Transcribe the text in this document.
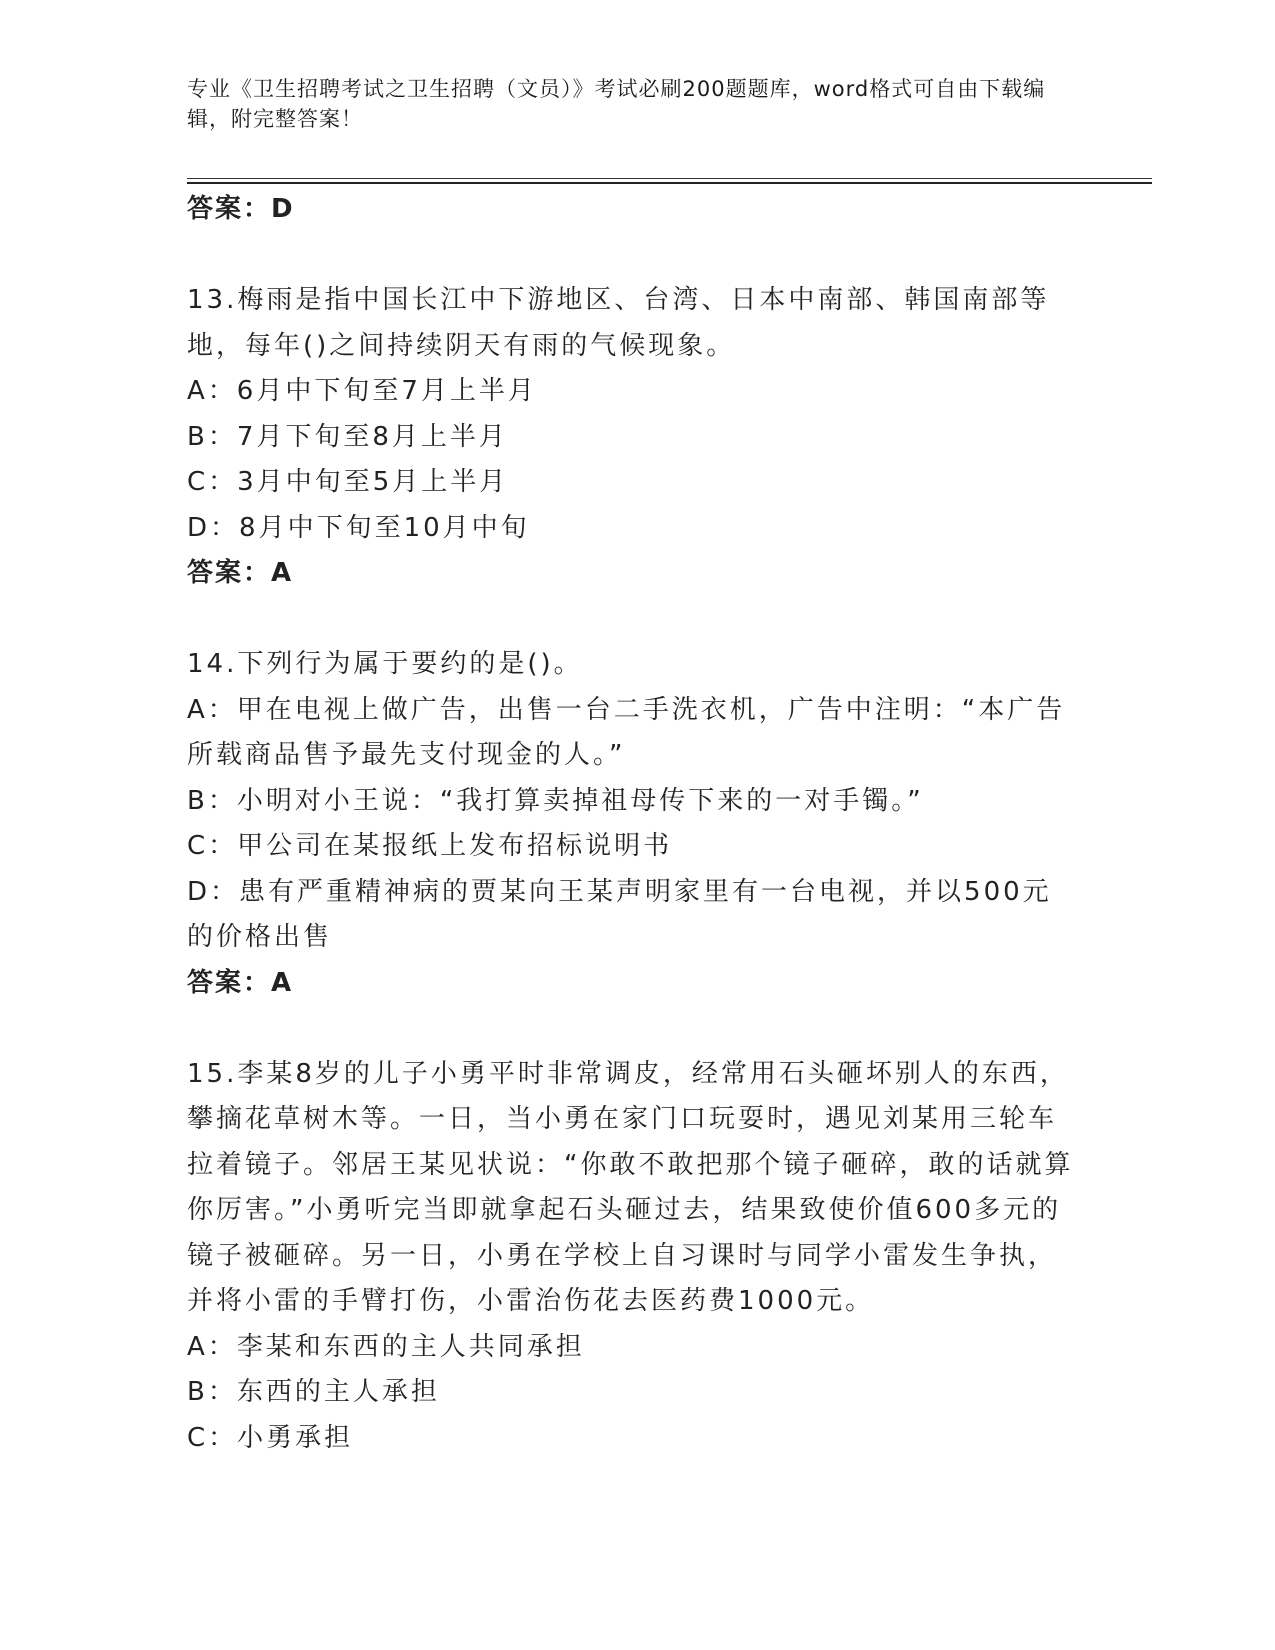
专业《卫生招聘考试之卫生招聘（文员）》考试必刷200题题库，word格式可自由下载编辑，附完整答案！
答案：D
13.梅雨是指中国长江中下游地区、台湾、日本中南部、韩国南部等地，每年()之间持续阴天有雨的气候现象。
A：6月中下旬至7月上半月
B：7月下旬至8月上半月
C：3月中旬至5月上半月
D：8月中下旬至10月中旬
答案：A
14.下列行为属于要约的是()。
A：甲在电视上做广告，出售一台二手洗衣机，广告中注明：“本广告所载商品售予最先支付现金的人。”
B：小明对小王说：“我打算卖掉祖母传下来的一对手镯。”
C：甲公司在某报纸上发布招标说明书
D：患有严重精神病的贾某向王某声明家里有一台电视，并以500元的价格出售
答案：A
15.李某8岁的儿子小勇平时非常调皮，经常用石头砸坏别人的东西，攀摘花草树木等。一日，当小勇在家门口玩耍时，遇见刘某用三轮车拉着镜子。邻居王某见状说：“你敢不敢把那个镜子砸碎，敢的话就算你厉害。”小勇听完当即就拿起石头砸过去，结果致使价值600多元的镜子被砸碎。另一日，小勇在学校上自习课时与同学小雷发生争执，并将小雷的手臂打伤，小雷治伤花去医药费1000元。
A：李某和东西的主人共同承担
B：东西的主人承担
C：小勇承担
